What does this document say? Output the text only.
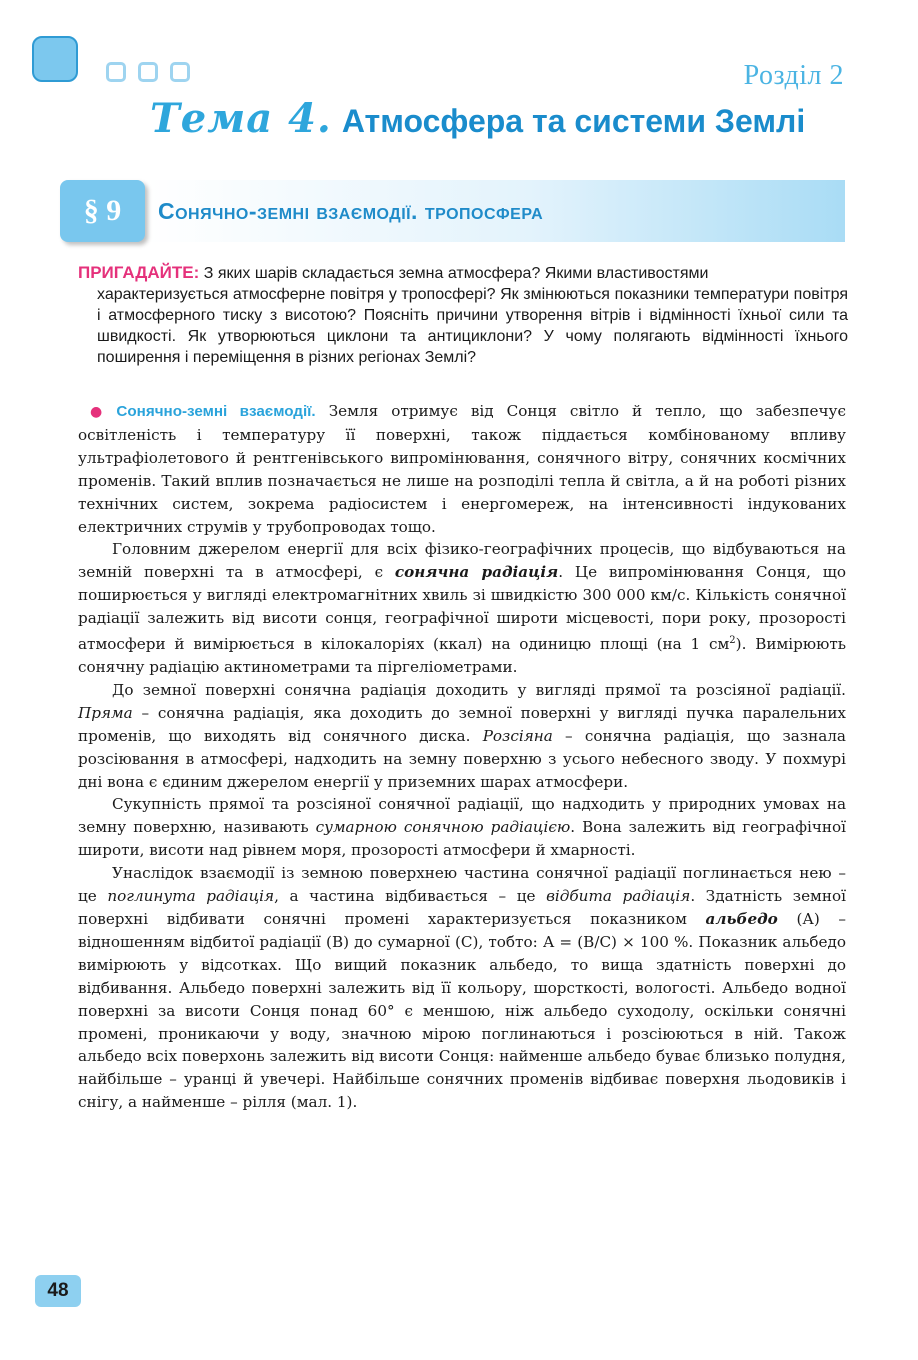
Розділ 2
Тема 4. Атмосфера та системи Землі
§ 9	Сонячно-земні взаємодії. тропосфера
ПРИГАДАЙТЕ: З яких шарів складається земна атмосфера? Якими властивостями
характеризується атмосферне повітря у тропосфері? Як змінюються показники температури повітря і атмосферного тиску з висотою? Поясніть причини утворення вітрів і відмінності їхньої сили та швидкості. Як утворюються циклони та антициклони? У чому полягають відмінності їхнього поширення і переміщення в різних регіонах Землі?

● Сонячно-земні взаємодії. Земля отримує від Сонця світло й тепло, що забезпечує освітленість і температуру її поверхні, також піддається комбінованому впливу ультрафіолетового й рентгенівського випромінювання, сонячного вітру, сонячних космічних променів. Такий вплив позначається не лише на розподілі тепла й світла, а й на роботі різних технічних систем, зокрема радіосистем і енергомереж, на інтенсивності індукованих електричних струмів у трубопроводах тощо.

Головним джерелом енергії для всіх фізико-географічних процесів, що відбуваються на земній поверхні та в атмосфері, є сонячна радіація. Це випромінювання Сонця, що поширюється у вигляді електромагнітних хвиль зі швидкістю 300 000 км/с. Кількість сонячної радіації залежить від висоти сонця, географічної широти місцевості, пори року, прозорості атмосфери й вимірюється в кілокалоріях (ккал) на одиницю площі (на 1 $см^2$). Вимірюють сонячну радіацію актинометрами та піргеліометрами.

До земної поверхні сонячна радіація доходить у вигляді прямої та розсіяної радіації. Пряма – сонячна радіація, яка доходить до земної поверхні у вигляді пучка паралельних променів, що виходять від сонячного диска. Розсіяна – сонячна радіація, що зазнала розсіювання в атмосфері, надходить на земну поверхню з усього небесного зводу. У похмурі дні вона є єдиним джерелом енергії у приземних шарах атмосфери.

Сукупність прямої та розсіяної сонячної радіації, що надходить у природних умовах на земну поверхню, називають сумарною сонячною радіацією. Вона залежить від географічної широти, висоти над рівнем моря, прозорості атмосфери й хмарності.

Унаслідок взаємодії із земною поверхнею частина сонячної радіації поглинається нею – це поглинута радіація, а частина відбивається – це відбита радіація. Здатність земної поверхні відбивати сонячні промені характеризується показником альбедо (А) – відношенням відбитої радіації (В) до сумарної (С), тобто: А = (В/С) × 100 %. Показник альбедо вимірюють у відсотках. Що вищий показник альбедо, то вища здатність поверхні до відбивання. Альбедо поверхні залежить від її кольору, шорсткості, вологості. Альбедо водної поверхні за висоти Сонця понад 60° є меншою, ніж альбедо суходолу, оскільки сонячні промені, проникаючи у воду, значною мірою поглинаються і розсіюються в ній. Також альбедо всіх поверхонь залежить від висоти Сонця: найменше альбедо буває близько полудня, найбільше – уранці й увечері. Найбільше сонячних променів відбиває поверхня льодовиків і снігу, а найменше – рілля (мал. 1).

48
